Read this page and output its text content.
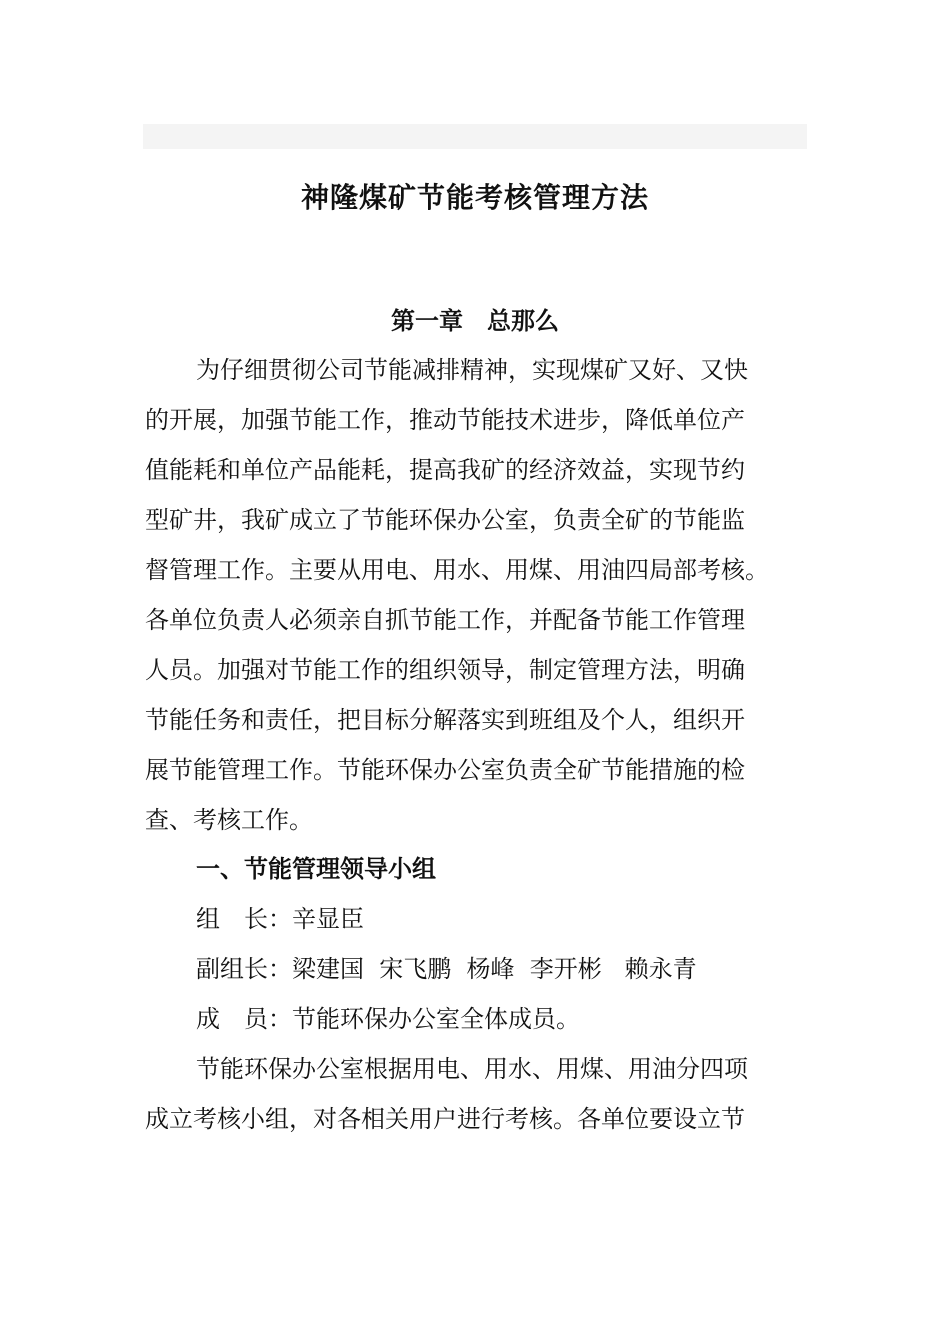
神隆煤矿节能考核管理方法
第一章　总那么
为仔细贯彻公司节能减排精神，实现煤矿又好、又快
的开展，加强节能工作，推动节能技术进步，降低单位产
值能耗和单位产品能耗，提高我矿的经济效益，实现节约
型矿井，我矿成立了节能环保办公室，负责全矿的节能监
督管理工作。主要从用电、用水、用煤、用油四局部考核。
各单位负责人必须亲自抓节能工作，并配备节能工作管理
人员。加强对节能工作的组织领导，制定管理方法，明确
节能任务和责任，把目标分解落实到班组及个人，组织开
展节能管理工作。节能环保办公室负责全矿节能措施的检
查、考核工作。
一、节能管理领导小组
组　长：辛显臣
副组长：梁建国  宋飞鹏  杨峰  李开彬   赖永青
成　员：节能环保办公室全体成员。
节能环保办公室根据用电、用水、用煤、用油分四项
成立考核小组，对各相关用户进行考核。各单位要设立节
